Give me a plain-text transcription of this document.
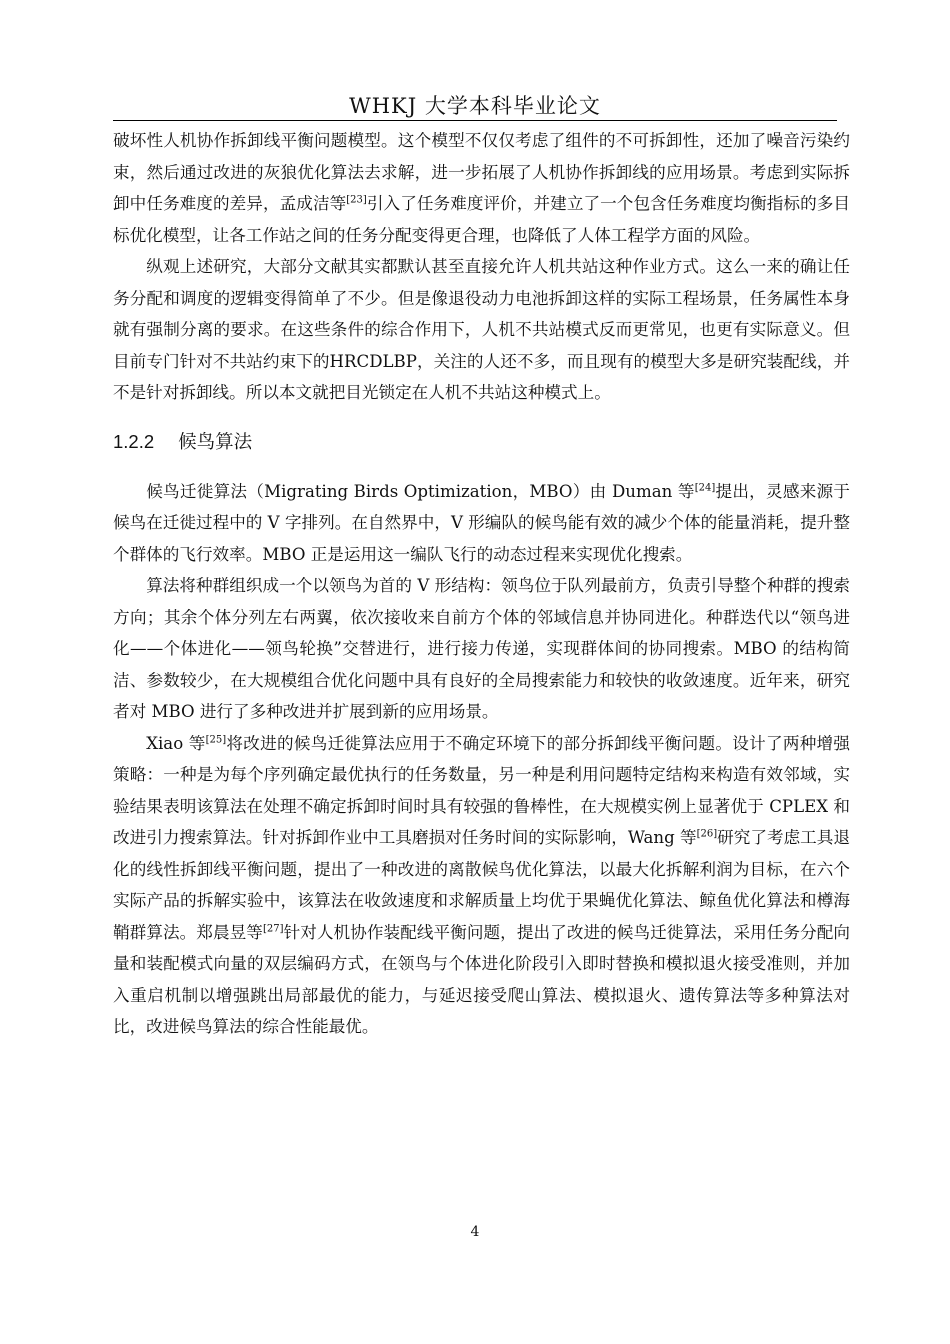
WHKJ 大学本科毕业论文

破坏性人机协作拆卸线平衡问题模型。这个模型不仅仅考虑了组件的不可拆卸性，还加了噪音污染约束，然后通过改进的灰狼优化算法去求解，进一步拓展了人机协作拆卸线的应用场景。考虑到实际拆卸中任务难度的差异，孟成洁等[23]引入了任务难度评价，并建立了一个包含任务难度均衡指标的多目标优化模型，让各工作站之间的任务分配变得更合理，也降低了人体工程学方面的风险。

纵观上述研究，大部分文献其实都默认甚至直接允许人机共站这种作业方式。这么一来的确让任务分配和调度的逻辑变得简单了不少。但是像退役动力电池拆卸这样的实际工程场景，任务属性本身就有强制分离的要求。在这些条件的综合作用下，人机不共站模式反而更常见，也更有实际意义。但目前专门针对不共站约束下的HRCDLBP，关注的人还不多，而且现有的模型大多是研究装配线，并不是针对拆卸线。所以本文就把目光锁定在人机不共站这种模式上。

1.2.2 候鸟算法

候鸟迁徙算法（Migrating Birds Optimization，MBO）由 Duman 等[24]提出，灵感来源于候鸟在迁徙过程中的 V 字排列。在自然界中，V 形编队的候鸟能有效的减少个体的能量消耗，提升整个群体的飞行效率。MBO 正是运用这一编队飞行的动态过程来实现优化搜索。

算法将种群组织成一个以领鸟为首的 V 形结构：领鸟位于队列最前方，负责引导整个种群的搜索方向；其余个体分列左右两翼，依次接收来自前方个体的邻域信息并协同进化。种群迭代以“领鸟进化——个体进化——领鸟轮换”交替进行，进行接力传递，实现群体间的协同搜索。MBO 的结构简洁、参数较少，在大规模组合优化问题中具有良好的全局搜索能力和较快的收敛速度。近年来，研究者对 MBO 进行了多种改进并扩展到新的应用场景。

Xiao 等[25]将改进的候鸟迁徙算法应用于不确定环境下的部分拆卸线平衡问题。设计了两种增强策略：一种是为每个序列确定最优执行的任务数量，另一种是利用问题特定结构来构造有效邻域，实验结果表明该算法在处理不确定拆卸时间时具有较强的鲁棒性，在大规模实例上显著优于 CPLEX 和改进引力搜索算法。针对拆卸作业中工具磨损对任务时间的实际影响，Wang 等[26]研究了考虑工具退化的线性拆卸线平衡问题，提出了一种改进的离散候鸟优化算法，以最大化拆解利润为目标，在六个实际产品的拆解实验中，该算法在收敛速度和求解质量上均优于果蝇优化算法、鲸鱼优化算法和樽海鞘群算法。郑晨昱等[27]针对人机协作装配线平衡问题，提出了改进的候鸟迁徙算法，采用任务分配向量和装配模式向量的双层编码方式，在领鸟与个体进化阶段引入即时替换和模拟退火接受准则，并加入重启机制以增强跳出局部最优的能力，与延迟接受爬山算法、模拟退火、遗传算法等多种算法对比，改进候鸟算法的综合性能最优。

4
